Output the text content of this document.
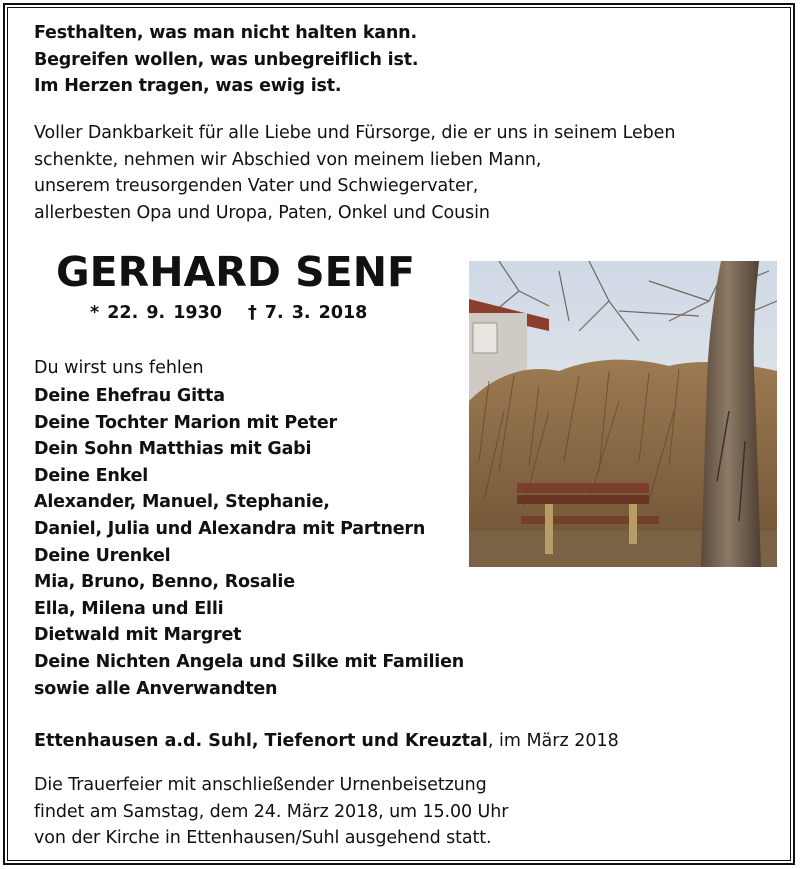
Festhalten, was man nicht halten kann.
Begreifen wollen, was unbegreiflich ist.
Im Herzen tragen, was ewig ist.
Voller Dankbarkeit für alle Liebe und Fürsorge, die er uns in seinem Leben
schenkte, nehmen wir Abschied von meinem lieben Mann,
unserem treusorgenden Vater und Schwiegervater,
allerbesten Opa und Uropa, Paten, Onkel und Cousin
GERHARD SENF
* 22. 9. 1930 † 7. 3. 2018
Du wirst uns fehlen
Deine Ehefrau Gitta
Deine Tochter Marion mit Peter
Dein Sohn Matthias mit Gabi
Deine Enkel
Alexander, Manuel, Stephanie,
Daniel, Julia und Alexandra mit Partnern
Deine Urenkel
Mia, Bruno, Benno, Rosalie
Ella, Milena und Elli
Dietwald mit Margret
Deine Nichten Angela und Silke mit Familien
sowie alle Anverwandten
Ettenhausen a.d. Suhl, Tiefenort und Kreuztal, im März 2018
Die Trauerfeier mit anschließender Urnenbeisetzung
findet am Samstag, dem 24. März 2018, um 15.00 Uhr
von der Kirche in Ettenhausen/Suhl ausgehend statt.
